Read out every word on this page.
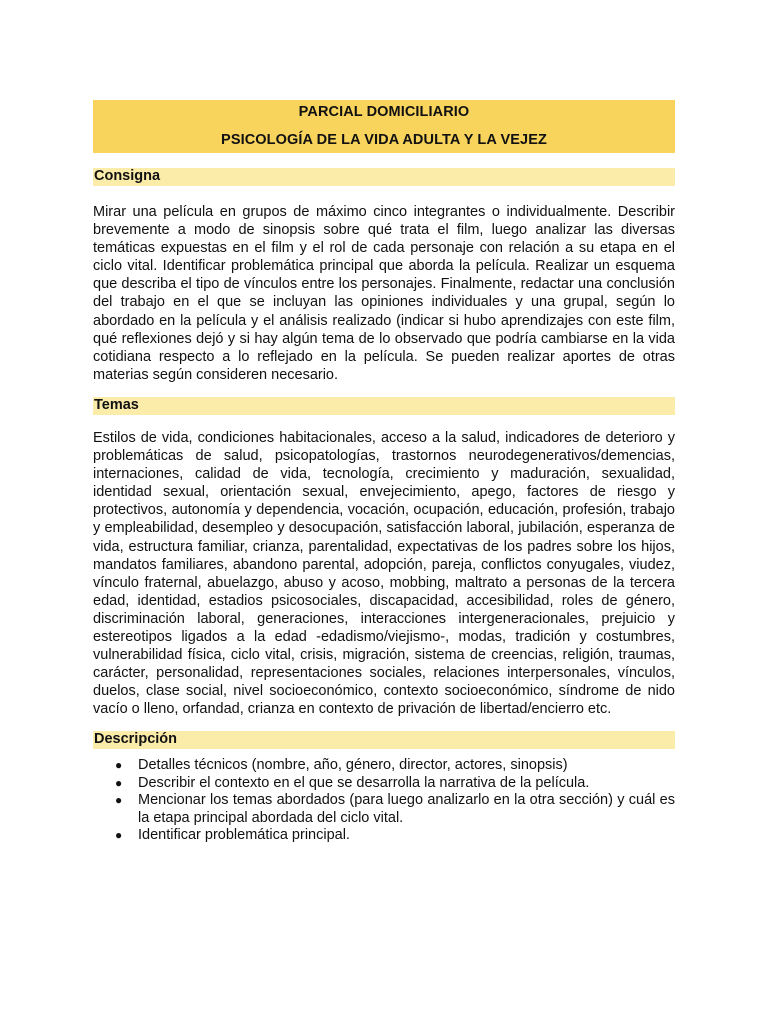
PARCIAL DOMICILIARIO
PSICOLOGÍA DE LA VIDA ADULTA Y LA VEJEZ
Consigna

Mirar una película en grupos de máximo cinco integrantes o individualmente. Describir brevemente a modo de sinopsis sobre qué trata el film, luego analizar las diversas temáticas expuestas en el film y el rol de cada personaje con relación a su etapa en el ciclo vital. Identificar problemática principal que aborda la película. Realizar un esquema que describa el tipo de vínculos entre los personajes. Finalmente, redactar una conclusión del trabajo en el que se incluyan las opiniones individuales y una grupal, según lo abordado en la película y el análisis realizado (indicar si hubo aprendizajes con este film, qué reflexiones dejó y si hay algún tema de lo observado que podría cambiarse en la vida cotidiana respecto a lo reflejado en la película. Se pueden realizar aportes de otras materias según consideren necesario.

Temas

Estilos de vida, condiciones habitacionales, acceso a la salud, indicadores de deterioro y problemáticas de salud, psicopatologías, trastornos neurodegenerativos/demencias, internaciones, calidad de vida, tecnología, crecimiento y maduración, sexualidad, identidad sexual, orientación sexual, envejecimiento, apego, factores de riesgo y protectivos, autonomía y dependencia, vocación, ocupación, educación, profesión, trabajo y empleabilidad, desempleo y desocupación, satisfacción laboral, jubilación, esperanza de vida, estructura familiar, crianza, parentalidad, expectativas de los padres sobre los hijos, mandatos familiares, abandono parental, adopción, pareja, conflictos conyugales, viudez, vínculo fraternal, abuelazgo, abuso y acoso, mobbing, maltrato a personas de la tercera edad, identidad, estadios psicosociales, discapacidad, accesibilidad, roles de género, discriminación laboral, generaciones, interacciones intergeneracionales, prejuicio y estereotipos ligados a la edad -edadismo/viejismo-, modas, tradición y costumbres, vulnerabilidad física, ciclo vital, crisis, migración, sistema de creencias, religión, traumas, carácter, personalidad, representaciones sociales, relaciones interpersonales, vínculos, duelos, clase social, nivel socioeconómico, contexto socioeconómico, síndrome de nido vacío o lleno, orfandad, crianza en contexto de privación de libertad/encierro etc.

Descripción
● Detalles técnicos (nombre, año, género, director, actores, sinopsis)
● Describir el contexto en el que se desarrolla la narrativa de la película.
● Mencionar los temas abordados (para luego analizarlo en la otra sección) y cuál es la etapa principal abordada del ciclo vital.
● Identificar problemática principal.
